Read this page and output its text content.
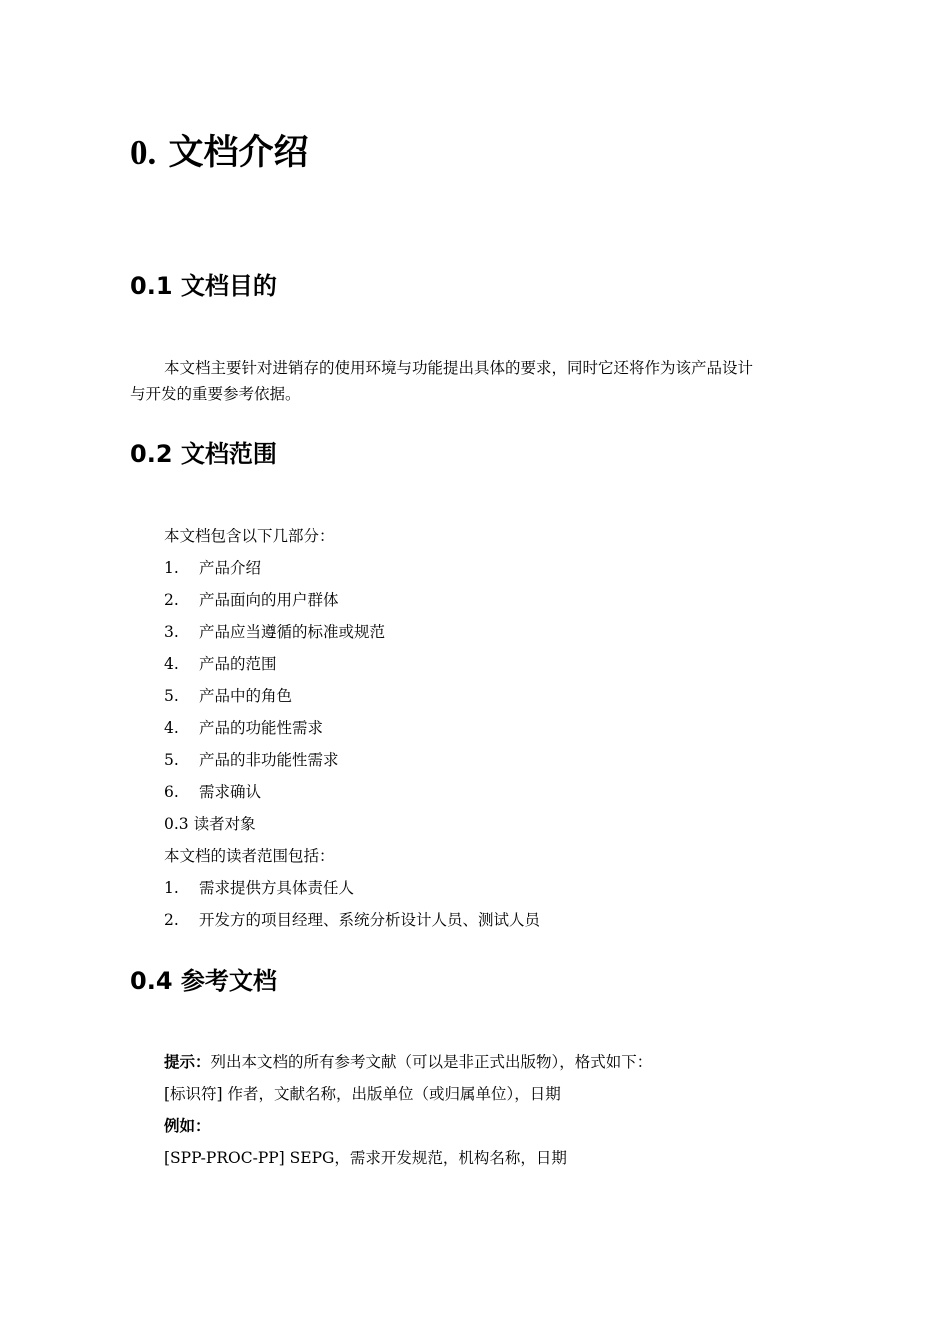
0. 文档介绍
0.1 文档目的
本文档主要针对进销存的使用环境与功能提出具体的要求，同时它还将作为该产品设计
与开发的重要参考依据。
0.2 文档范围
本文档包含以下几部分：
1.	产品介绍
2.	产品面向的用户群体
3.	产品应当遵循的标准或规范
4.	产品的范围
5.	产品中的角色
4.	产品的功能性需求
5.	产品的非功能性需求
6.	需求确认
0.3 读者对象
本文档的读者范围包括：
1.	需求提供方具体责任人
2.	开发方的项目经理、系统分析设计人员、测试人员
0.4 参考文档
提示：列出本文档的所有参考文献（可以是非正式出版物），格式如下：
[标识符] 作者，文献名称，出版单位（或归属单位），日期
例如：
[SPP-PROC-PP] SEPG，需求开发规范，机构名称，日期
